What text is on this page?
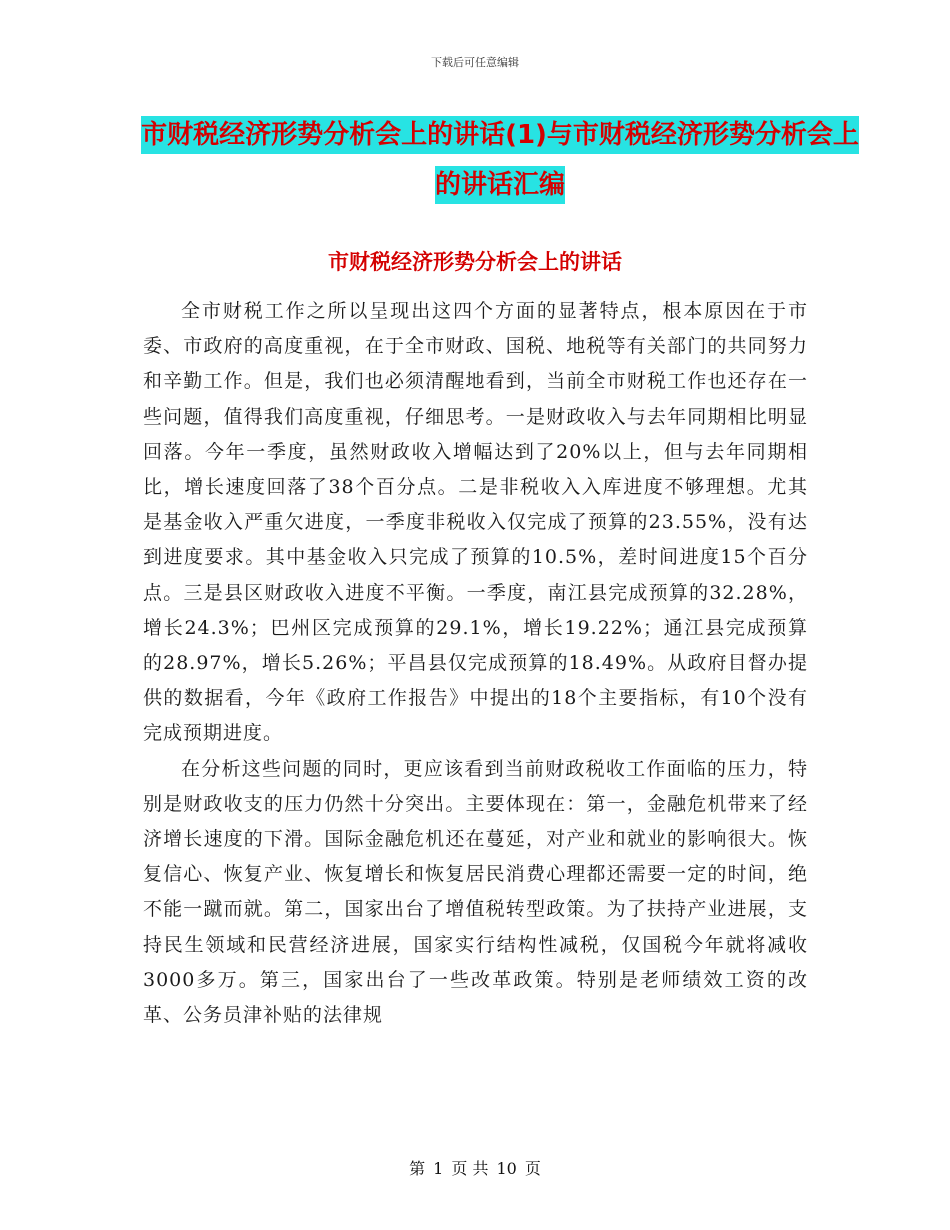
下载后可任意编辑
市财税经济形势分析会上的讲话(1)与市财税经济形势分析会上的讲话汇编
市财税经济形势分析会上的讲话

全市财税工作之所以呈现出这四个方面的显著特点，根本原因在于市委、市政府的高度重视，在于全市财政、国税、地税等有关部门的共同努力和辛勤工作。但是，我们也必须清醒地看到，当前全市财税工作也还存在一些问题，值得我们高度重视，仔细思考。一是财政收入与去年同期相比明显回落。今年一季度，虽然财政收入增幅达到了20%以上，但与去年同期相比，增长速度回落了38个百分点。二是非税收入入库进度不够理想。尤其是基金收入严重欠进度，一季度非税收入仅完成了预算的23.55%，没有达到进度要求。其中基金收入只完成了预算的10.5%，差时间进度15个百分点。三是县区财政收入进度不平衡。一季度，南江县完成预算的32.28%，增长24.3%；巴州区完成预算的29.1%，增长19.22%；通江县完成预算的28.97%，增长5.26%；平昌县仅完成预算的18.49%。从政府目督办提供的数据看，今年《政府工作报告》中提出的18个主要指标，有10个没有完成预期进度。

在分析这些问题的同时，更应该看到当前财政税收工作面临的压力，特别是财政收支的压力仍然十分突出。主要体现在：第一，金融危机带来了经济增长速度的下滑。国际金融危机还在蔓延，对产业和就业的影响很大。恢复信心、恢复产业、恢复增长和恢复居民消费心理都还需要一定的时间，绝不能一蹴而就。第二，国家出台了增值税转型政策。为了扶持产业进展，支持民生领域和民营经济进展，国家实行结构性减税，仅国税今年就将减收3000多万。第三，国家出台了一些改革政策。特别是老师绩效工资的改革、公务员津补贴的法律规

第 1 页 共 10 页
